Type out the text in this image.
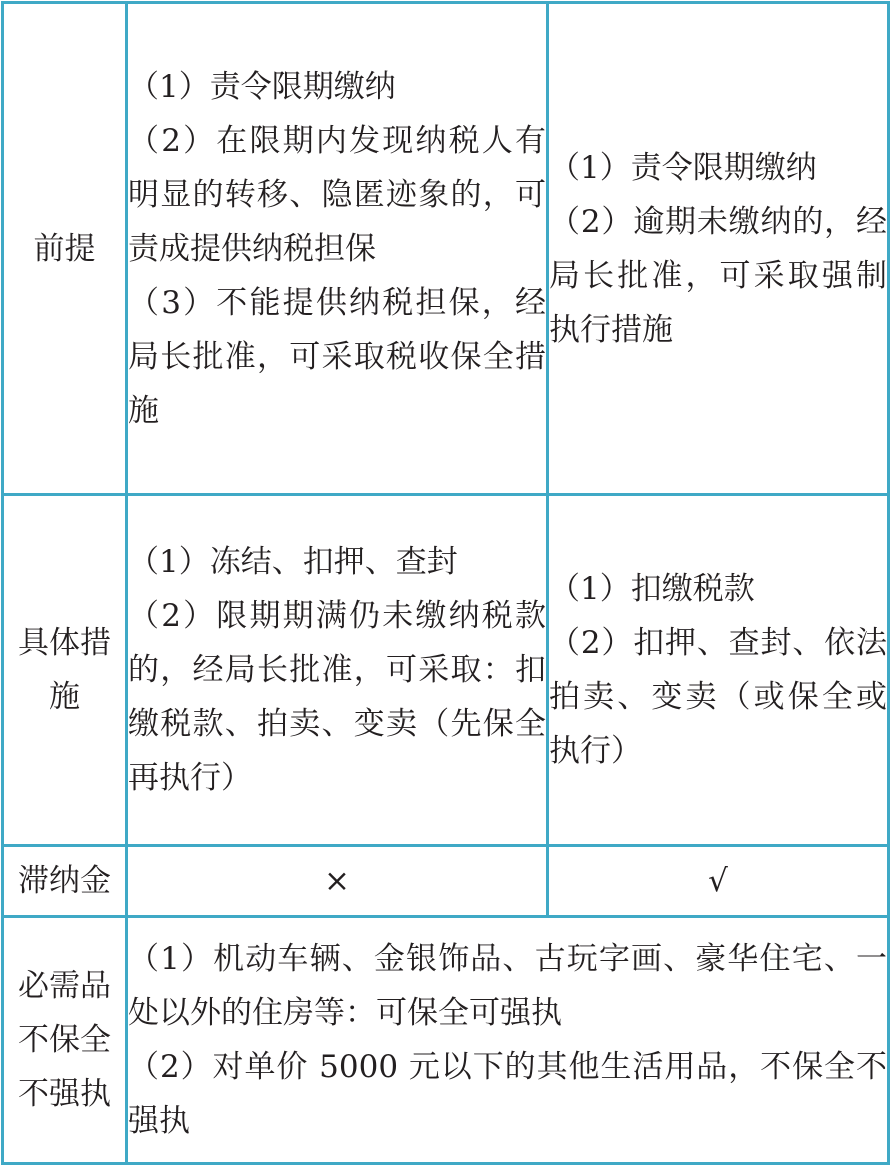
前提	（1）责令限期缴纳
（2）在限期内发现纳税人有明显的转移、隐匿迹象的，可责成提供纳税担保
（3）不能提供纳税担保，经局长批准，可采取税收保全措施	（1）责令限期缴纳
（2）逾期未缴纳的，经局长批准，可采取强制执行措施

具体措施	（1）冻结、扣押、查封
（2）限期期满仍未缴纳税款的，经局长批准，可采取：扣缴税款、拍卖、变卖（先保全再执行）	（1）扣缴税款
（2）扣押、查封、依法拍卖、变卖（或保全或执行）

滞纳金	×	√
必需品不保全不强执	（1）机动车辆、金银饰品、古玩字画、豪华住宅、一处以外的住房等：可保全可强执
（2）对单价 5000 元以下的其他生活用品，不保全不强执	
